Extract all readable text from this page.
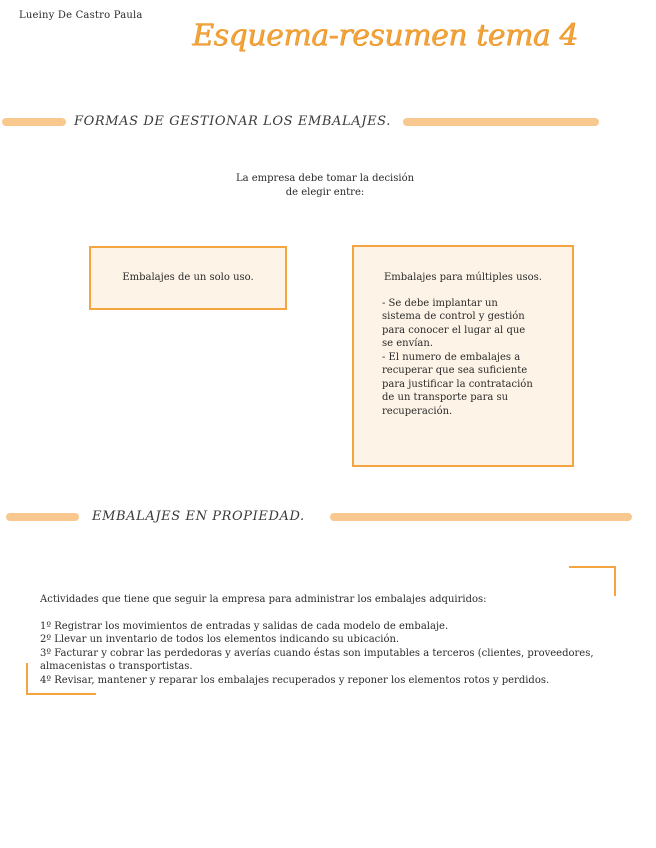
Lueiny De Castro Paula
Esquema-resumen tema 4
FORMAS DE GESTIONAR LOS EMBALAJES.
La empresa debe tomar la decisión
de elegir entre:
Embalajes de un solo uso.	Embalajes para múltiples usos.
- Se debe implantar un sistema de control y gestión para conocer el lugar al que se envían.
- El numero de embalajes a recuperar que sea suficiente para justificar la contratación de un transporte para su recuperación.
EMBALAJES EN PROPIEDAD.
Actividades que tiene que seguir la empresa para administrar los embalajes adquiridos:
1º Registrar los movimientos de entradas y salidas de cada modelo de embalaje.
2º Llevar un inventario de todos los elementos indicando su ubicación.
3º Facturar y cobrar las perdedoras y averías cuando éstas son imputables a terceros (clientes, proveedores, almacenistas o transportistas.
4º Revisar, mantener y reparar los embalajes recuperados y reponer los elementos rotos y perdidos.
